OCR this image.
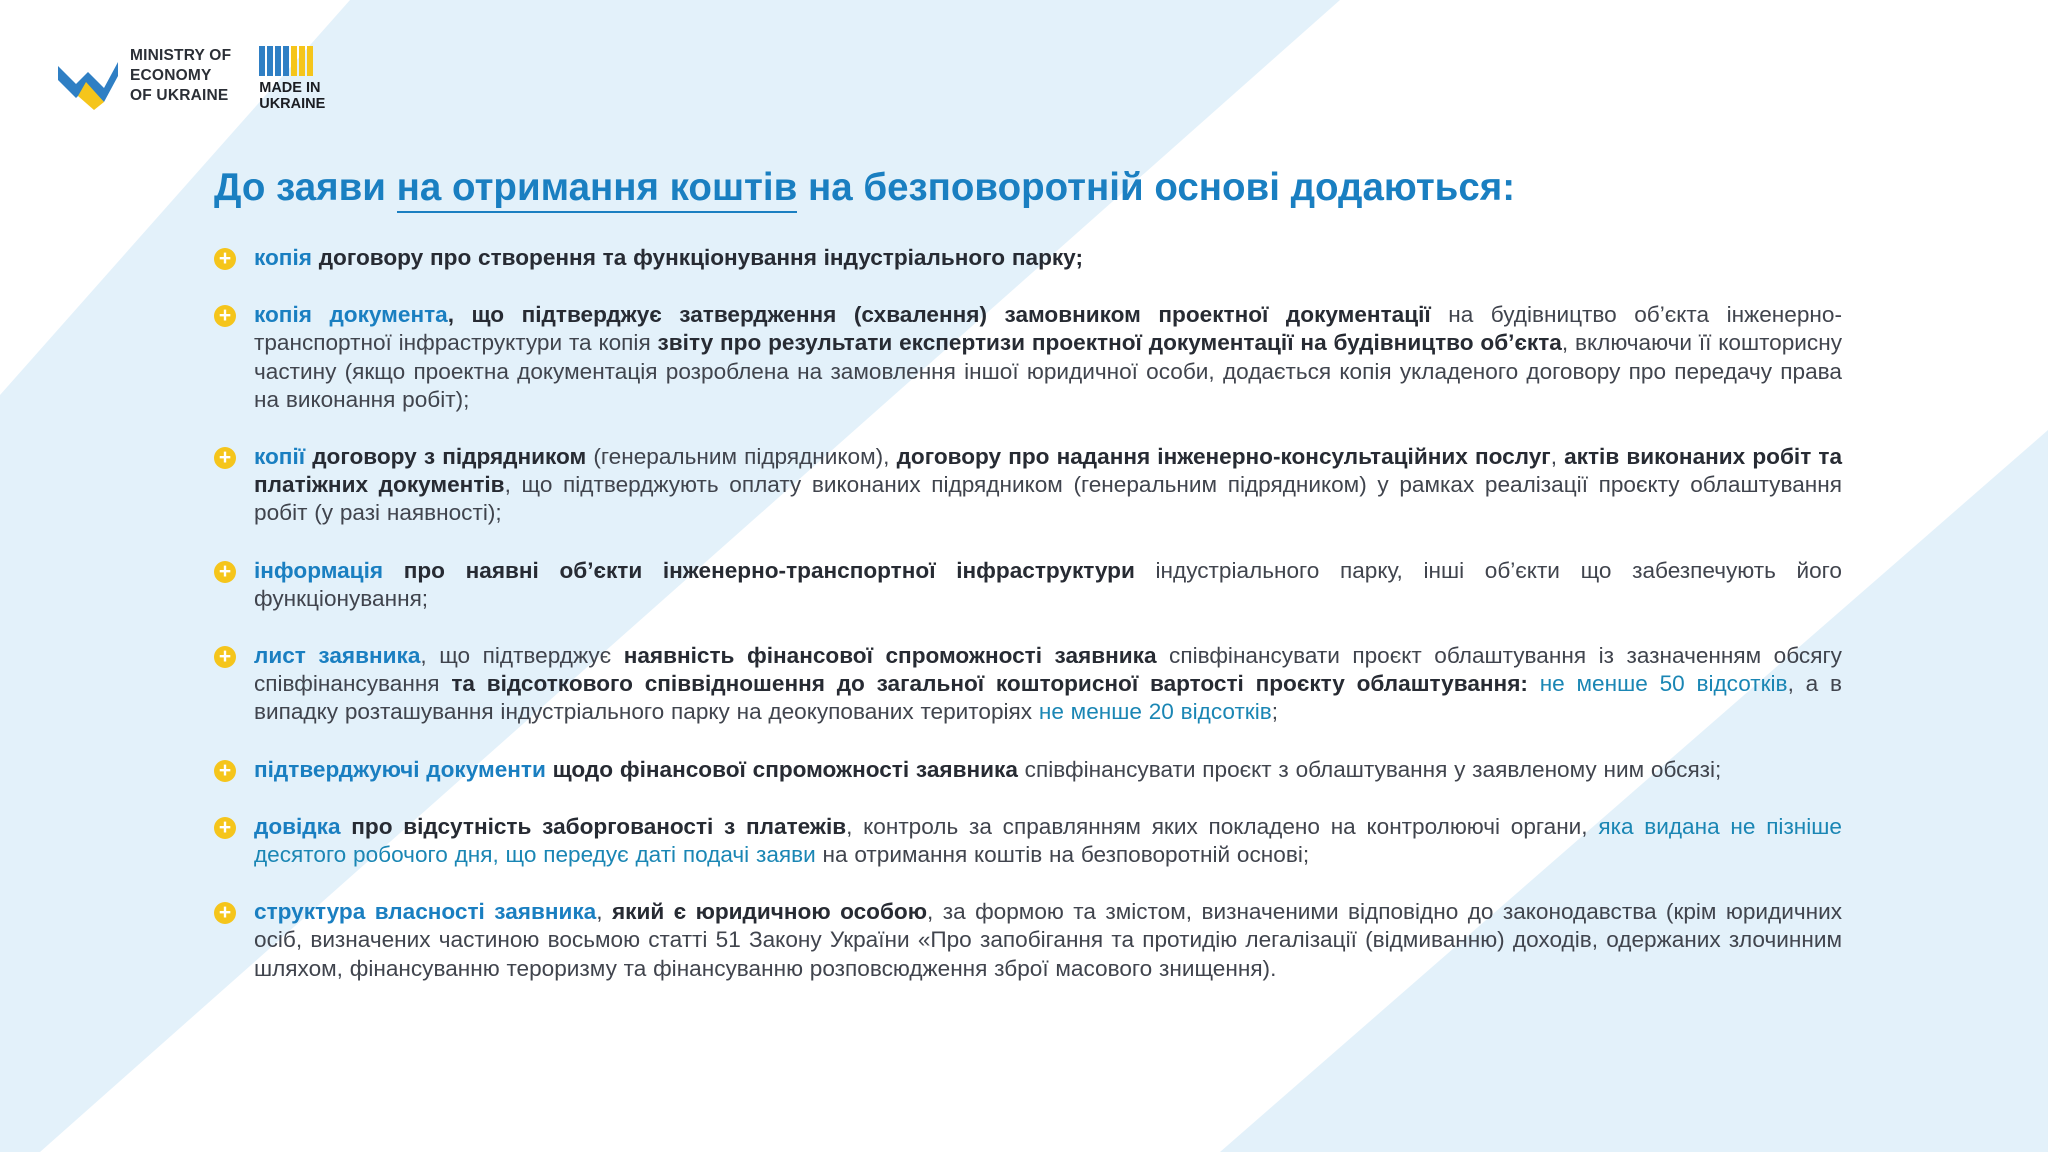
MINISTRY OF
ECONOMY
OF UKRAINE MADE IN
UKRAINE
До заяви на отримання коштів на безповоротній основі додаються:
+ копія договору про створення та функціонування індустріального парку;

+ копія документа, що підтверджує затвердження (схвалення) замовником проектної документації на будівництво об’єкта інженерно-транспортної інфраструктури та копія звіту про результати експертизи проектної документації на будівництво об’єкта, включаючи її кошторисну частину (якщо проектна документація розроблена на замовлення іншої юридичної особи, додається копія укладеного договору про передачу права на виконання робіт);

+ копії договору з підрядником (генеральним підрядником), договору про надання інженерно-консультаційних послуг, актів виконаних робіт та платіжних документів, що підтверджують оплату виконаних підрядником (генеральним підрядником) у рамках реалізації проєкту облаштування робіт (у разі наявності);

+ інформація про наявні об’єкти інженерно-транспортної інфраструктури індустріального парку, інші об’єкти що забезпечують його функціонування;

+ лист заявника, що підтверджує наявність фінансової спроможності заявника співфінансувати проєкт облаштування із зазначенням обсягу співфінансування та відсоткового співвідношення до загальної кошторисної вартості проєкту облаштування: не менше 50 відсотків, а в випадку розташування індустріального парку на деокупованих територіях не менше 20 відсотків;

+ підтверджуючі документи щодо фінансової спроможності заявника співфінансувати проєкт з облаштування у заявленому ним обсязі;

+ довідка про відсутність заборгованості з платежів, контроль за справлянням яких покладено на контролюючі органи, яка видана не пізніше десятого робочого дня, що передує даті подачі заяви на отримання коштів на безповоротній основі;

+ структура власності заявника, який є юридичною особою, за формою та змістом, визначеними відповідно до законодавства (крім юридичних осіб, визначених частиною восьмою статті 51 Закону України «Про запобігання та протидію легалізації (відмиванню) доходів, одержаних злочинним шляхом, фінансуванню тероризму та фінансуванню розповсюдження зброї масового знищення).
